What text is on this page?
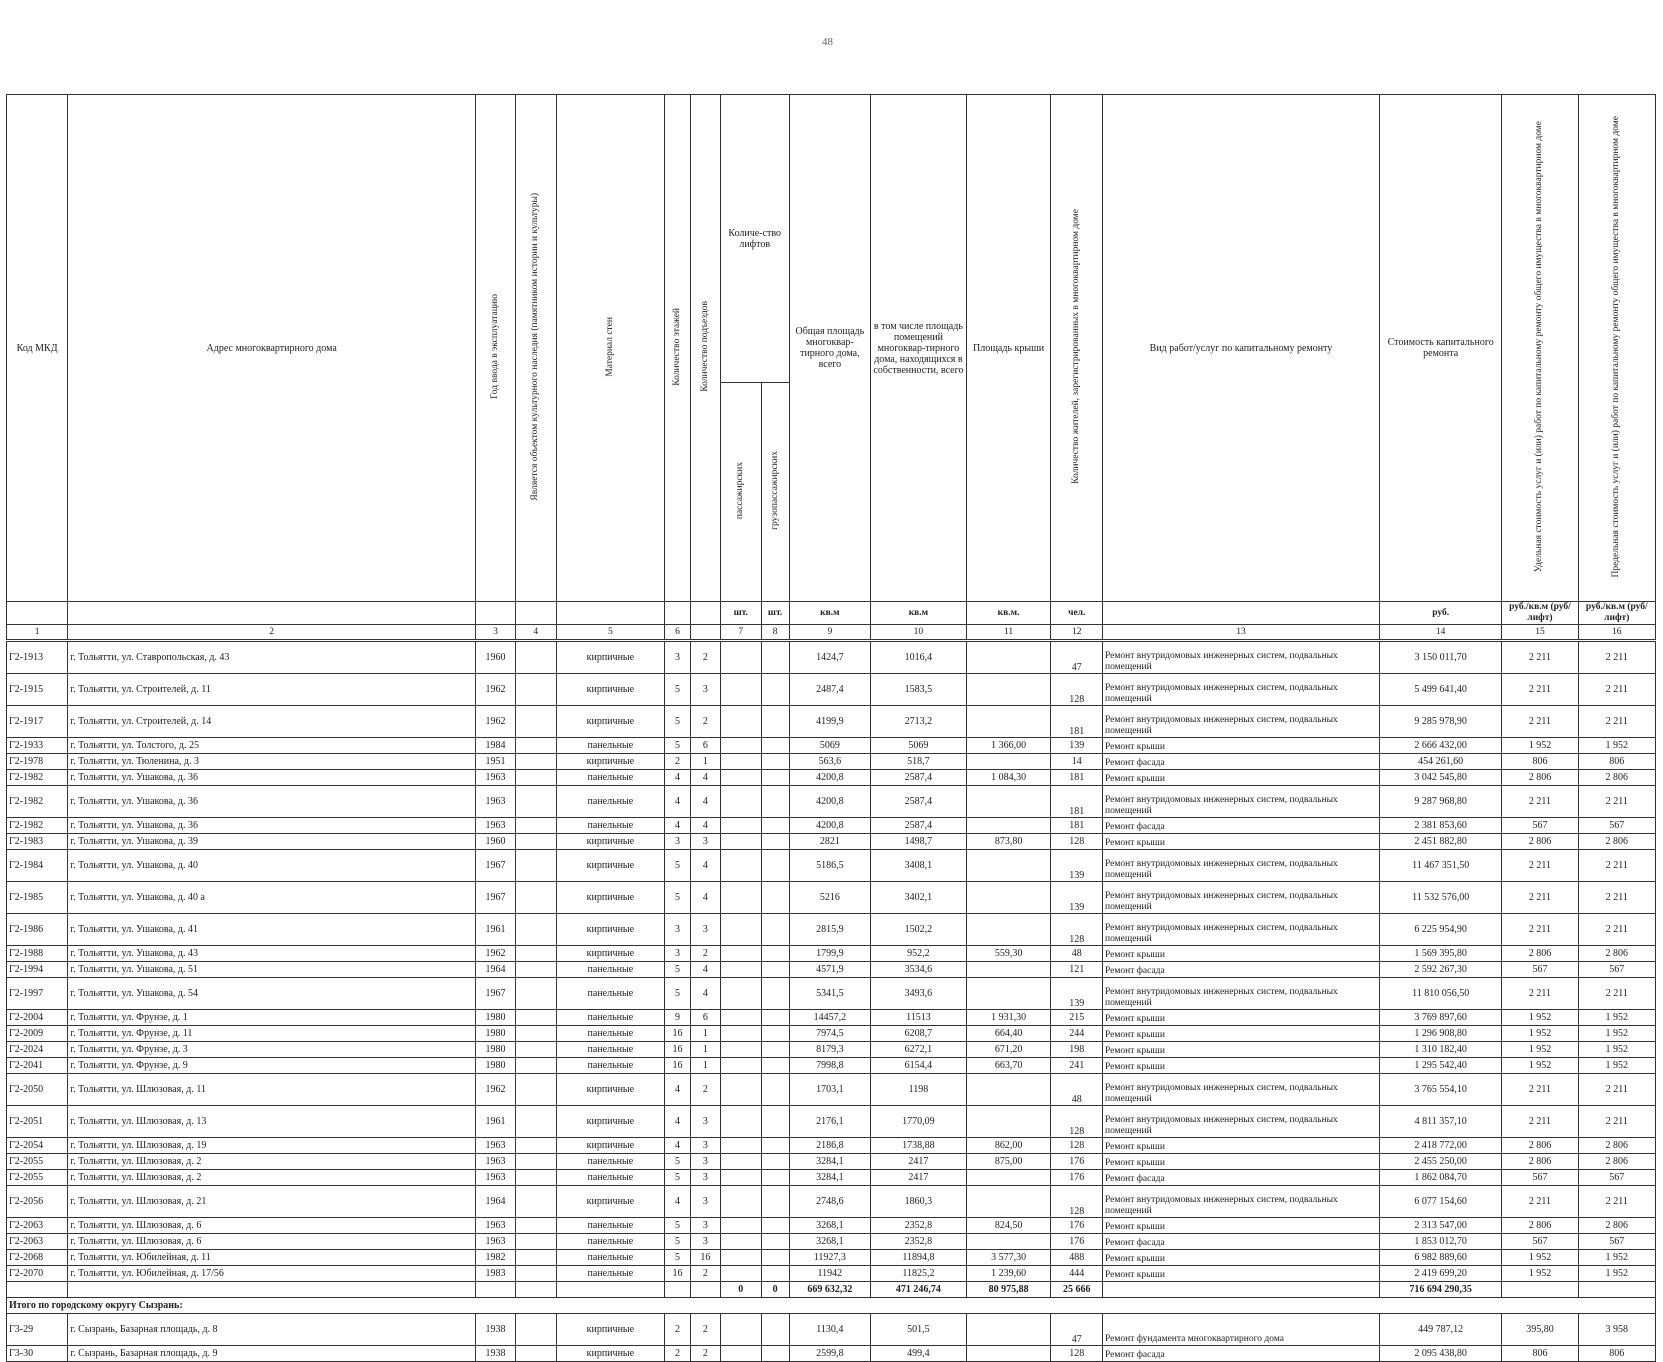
48
Код МКД	Адрес многоквартирного дома	Год ввода в эксплуатацию	Является объектом культурного наследия (памятником истории и культуры)	Материал стен	Количество этажей	Количество подъездов	Количе-ство лифтов		Общая площадь многоквар-тирного дома, всего	в том числе площадь помещений многоквар-тирного дома, находящихся в собственности, всего	Площадь крыши	Количество жителей, зарегистрированных в многоквартирном доме	Вид работ/услуг по капитальному ремонту	Стоимость капитального ремонта	Удельная стоимость услуг и (или) работ по капитальному ремонту общего имущества в многоквартирном доме	Предельная стоимость услуг и (или) работ по капитальному ремонту общего имущества в многоквартирном доме
							пассажирских	грузопассажирских								
							шт.	шт.	кв.м	кв.м	кв.м.	чел.		руб.	руб./кв.м (руб/лифт)	руб./кв.м (руб/лифт)
1	2	3	4	5	6		7	8	9	10	11	12	13	14	15	16
Г2-1913	г. Тольятти, ул. Ставропольская, д. 43	1960		кирпичные	3	2			1424,7	1016,4		47	Ремонт внутридомовых инженерных систем, подвальных помещений	3 150 011,70	2 211	2 211
Г2-1915	г. Тольятти, ул. Строителей, д. 11	1962		кирпичные	5	3			2487,4	1583,5		128	Ремонт внутридомовых инженерных систем, подвальных помещений	5 499 641,40	2 211	2 211
Г2-1917	г. Тольятти, ул. Строителей, д. 14	1962		кирпичные	5	2			4199,9	2713,2		181	Ремонт внутридомовых инженерных систем, подвальных помещений	9 285 978,90	2 211	2 211
Г2-1933	г. Тольятти, ул. Толстого, д. 25	1984		панельные	5	6			5069	5069	1 366,00	139	Ремонт крыши	2 666 432,00	1 952	1 952
Г2-1978	г. Тольятти, ул. Тюленина, д. 3	1951		кирпичные	2	1			563,6	518,7		14	Ремонт фасада	454 261,60	806	806
Г2-1982	г. Тольятти, ул. Ушакова, д. 36	1963		панельные	4	4			4200,8	2587,4	1 084,30	181	Ремонт крыши	3 042 545,80	2 806	2 806
Г2-1982	г. Тольятти, ул. Ушакова, д. 36	1963		панельные	4	4			4200,8	2587,4		181	Ремонт внутридомовых инженерных систем, подвальных помещений	9 287 968,80	2 211	2 211
Г2-1982	г. Тольятти, ул. Ушакова, д. 36	1963		панельные	4	4			4200,8	2587,4		181	Ремонт фасада	2 381 853,60	567	567
Г2-1983	г. Тольятти, ул. Ушакова, д. 39	1960		кирпичные	3	3			2821	1498,7	873,80	128	Ремонт крыши	2 451 882,80	2 806	2 806
Г2-1984	г. Тольятти, ул. Ушакова, д. 40	1967		кирпичные	5	4			5186,5	3408,1		139	Ремонт внутридомовых инженерных систем, подвальных помещений	11 467 351,50	2 211	2 211
Г2-1985	г. Тольятти, ул. Ушакова, д. 40 а	1967		кирпичные	5	4			5216	3402,1		139	Ремонт внутридомовых инженерных систем, подвальных помещений	11 532 576,00	2 211	2 211
Г2-1986	г. Тольятти, ул. Ушакова, д. 41	1961		кирпичные	3	3			2815,9	1502,2		128	Ремонт внутридомовых инженерных систем, подвальных помещений	6 225 954,90	2 211	2 211
Г2-1988	г. Тольятти, ул. Ушакова, д. 43	1962		кирпичные	3	2			1799,9	952,2	559,30	48	Ремонт крыши	1 569 395,80	2 806	2 806
Г2-1994	г. Тольятти, ул. Ушакова, д. 51	1964		панельные	5	4			4571,9	3534,6		121	Ремонт фасада	2 592 267,30	567	567
Г2-1997	г. Тольятти, ул. Ушакова, д. 54	1967		панельные	5	4			5341,5	3493,6		139	Ремонт внутридомовых инженерных систем, подвальных помещений	11 810 056,50	2 211	2 211
Г2-2004	г. Тольятти, ул. Фрунзе, д. 1	1980		панельные	9	6			14457,2	11513	1 931,30	215	Ремонт крыши	3 769 897,60	1 952	1 952
Г2-2009	г. Тольятти, ул. Фрунзе, д. 11	1980		панельные	16	1			7974,5	6208,7	664,40	244	Ремонт крыши	1 296 908,80	1 952	1 952
Г2-2024	г. Тольятти, ул. Фрунзе, д. 3	1980		панельные	16	1			8179,3	6272,1	671,20	198	Ремонт крыши	1 310 182,40	1 952	1 952
Г2-2041	г. Тольятти, ул. Фрунзе, д. 9	1980		панельные	16	1			7998,8	6154,4	663,70	241	Ремонт крыши	1 295 542,40	1 952	1 952
Г2-2050	г. Тольятти, ул. Шлюзовая, д. 11	1962		кирпичные	4	2			1703,1	1198		48	Ремонт внутридомовых инженерных систем, подвальных помещений	3 765 554,10	2 211	2 211
Г2-2051	г. Тольятти, ул. Шлюзовая, д. 13	1961		кирпичные	4	3			2176,1	1770,09		128	Ремонт внутридомовых инженерных систем, подвальных помещений	4 811 357,10	2 211	2 211
Г2-2054	г. Тольятти, ул. Шлюзовая, д. 19	1963		кирпичные	4	3			2186,8	1738,88	862,00	128	Ремонт крыши	2 418 772,00	2 806	2 806
Г2-2055	г. Тольятти, ул. Шлюзовая, д. 2	1963		панельные	5	3			3284,1	2417	875,00	176	Ремонт крыши	2 455 250,00	2 806	2 806
Г2-2055	г. Тольятти, ул. Шлюзовая, д. 2	1963		панельные	5	3			3284,1	2417		176	Ремонт фасада	1 862 084,70	567	567
Г2-2056	г. Тольятти, ул. Шлюзовая, д. 21	1964		кирпичные	4	3			2748,6	1860,3		128	Ремонт внутридомовых инженерных систем, подвальных помещений	6 077 154,60	2 211	2 211
Г2-2063	г. Тольятти, ул. Шлюзовая, д. 6	1963		панельные	5	3			3268,1	2352,8	824,50	176	Ремонт крыши	2 313 547,00	2 806	2 806
Г2-2063	г. Тольятти, ул. Шлюзовая, д. 6	1963		панельные	5	3			3268,1	2352,8		176	Ремонт фасада	1 853 012,70	567	567
Г2-2068	г. Тольятти, ул. Юбилейная, д. 11	1982		панельные	5	16			11927,3	11894,8	3 577,30	488	Ремонт крыши	6 982 889,60	1 952	1 952
Г2-2070	г. Тольятти, ул. Юбилейная, д. 17/56	1983		панельные	16	2			11942	11825,2	1 239,60	444	Ремонт крыши	2 419 699,20	1 952	1 952
							0	0	669 632,32	471 246,74	80 975,88	25 666		716 694 290,35		
Итого по городскому округу Сызрань:																
Г3-29	г. Сызрань, Базарная площадь, д. 8	1938		кирпичные	2	2			1130,4	501,5		47	Ремонт фундамента многоквартирного дома	449 787,12	395,80	3 958
Г3-30	г. Сызрань, Базарная площадь, д. 9	1938		кирпичные	2	2			2599,8	499,4		128	Ремонт фасада	2 095 438,80	806	806
